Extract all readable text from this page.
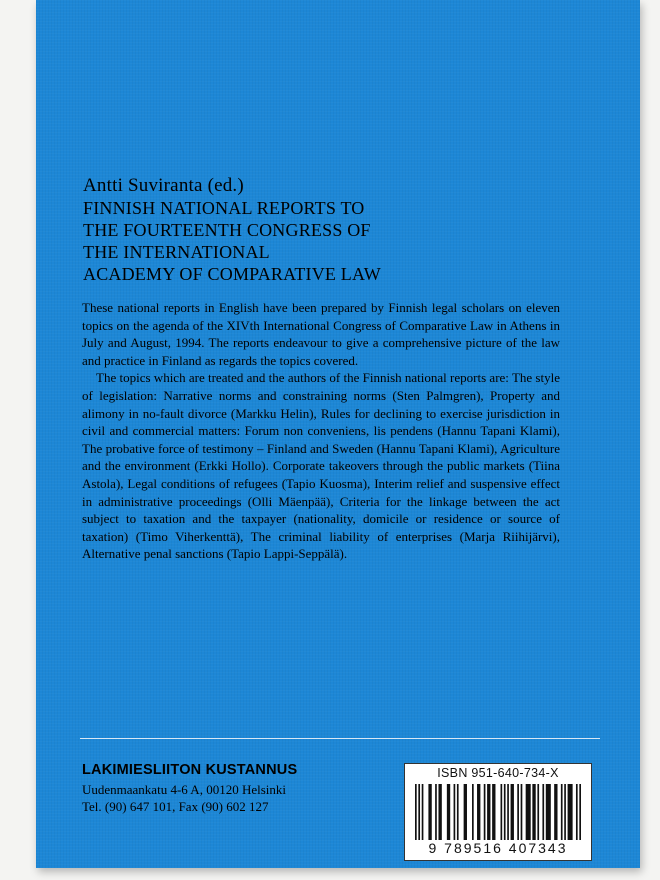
Antti Suviranta (ed.)

FINNISH NATIONAL REPORTS TO

THE FOURTEENTH CONGRESS OF

THE INTERNATIONAL

ACADEMY OF COMPARATIVE LAW

These national reports in English have been prepared by Finnish legal scholars on eleven topics on the agenda of the XIVth International Congress of Comparative Law in Athens in July and August, 1994. The reports endeavour to give a comprehensive picture of the law and practice in Finland as regards the topics covered.

The topics which are treated and the authors of the Finnish national reports are: The style of legislation: Narrative norms and constraining norms (Sten Palmgren), Property and alimony in no-fault divorce (Markku Helin), Rules for declining to exercise jurisdiction in civil and commercial matters: Forum non conveniens, lis pendens (Hannu Tapani Klami), The probative force of testimony – Finland and Sweden (Hannu Tapani Klami), Agriculture and the environment (Erkki Hollo). Corporate takeovers through the public markets (Tiina Astola), Legal conditions of refugees (Tapio Kuosma), Interim relief and suspensive effect in administrative proceedings (Olli Mäenpää), Criteria for the linkage between the act subject to taxation and the taxpayer (nationality, domicile or residence or source of taxation) (Timo Viherkenttä), The criminal liability of enterprises (Marja Riihijärvi), Alternative penal sanctions (Tapio Lappi-Seppälä).

LAKIMIESLIITON KUSTANNUS

Uudenmaankatu 4-6 A, 00120 Helsinki

Tel. (90) 647 101, Fax (90) 602 127

ISBN 951-640-734-X
9 789516 407343
